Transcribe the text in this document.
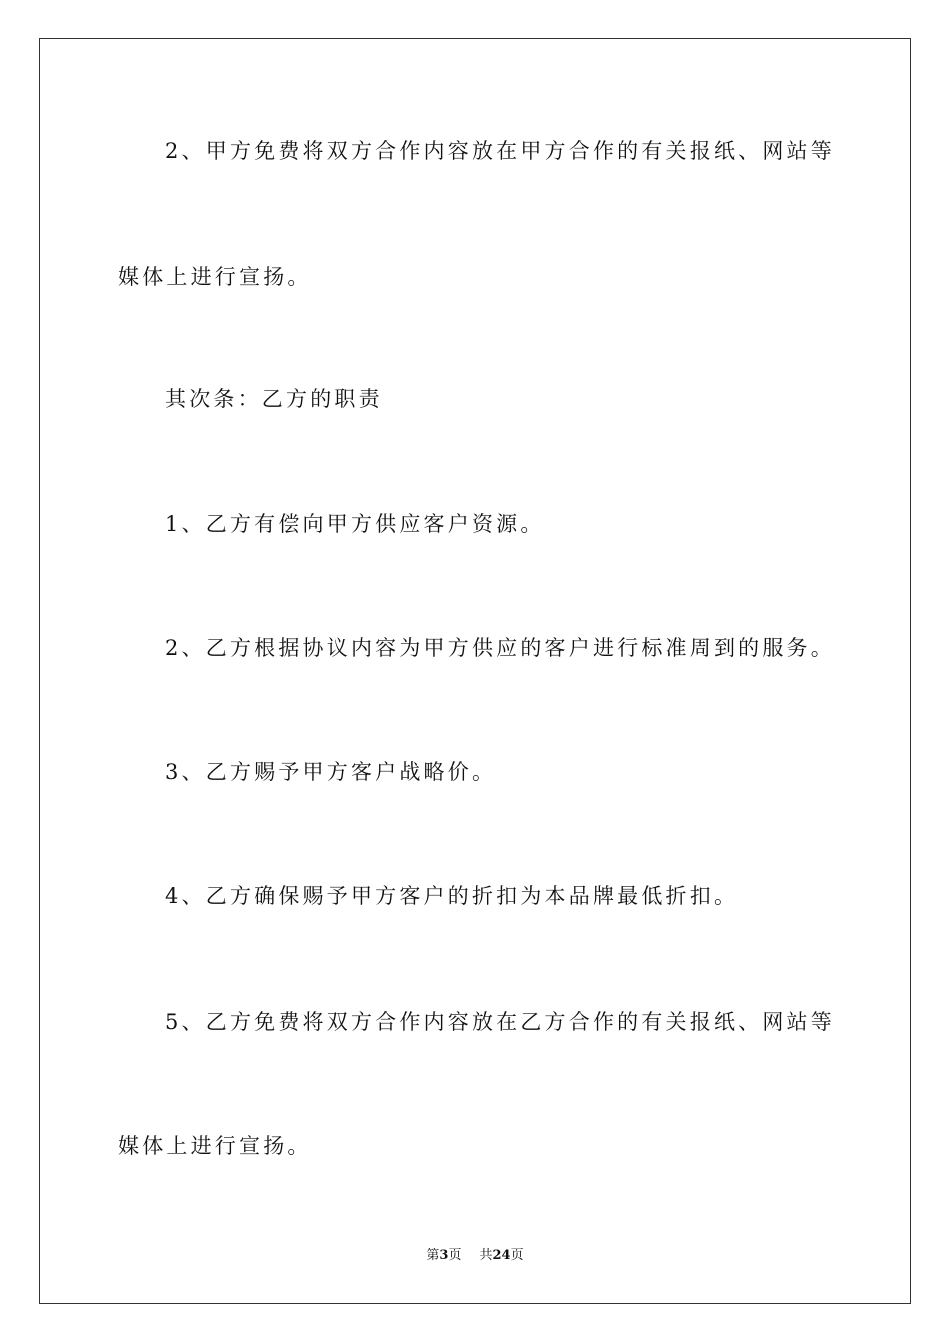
2、甲方免费将双方合作内容放在甲方合作的有关报纸、网站等
媒体上进行宣扬。
其次条：乙方的职责
1、乙方有偿向甲方供应客户资源。
2、乙方根据协议内容为甲方供应的客户进行标准周到的服务。
3、乙方赐予甲方客户战略价。
4、乙方确保赐予甲方客户的折扣为本品牌最低折扣。
5、乙方免费将双方合作内容放在乙方合作的有关报纸、网站等
媒体上进行宣扬。
第3页 共24页
